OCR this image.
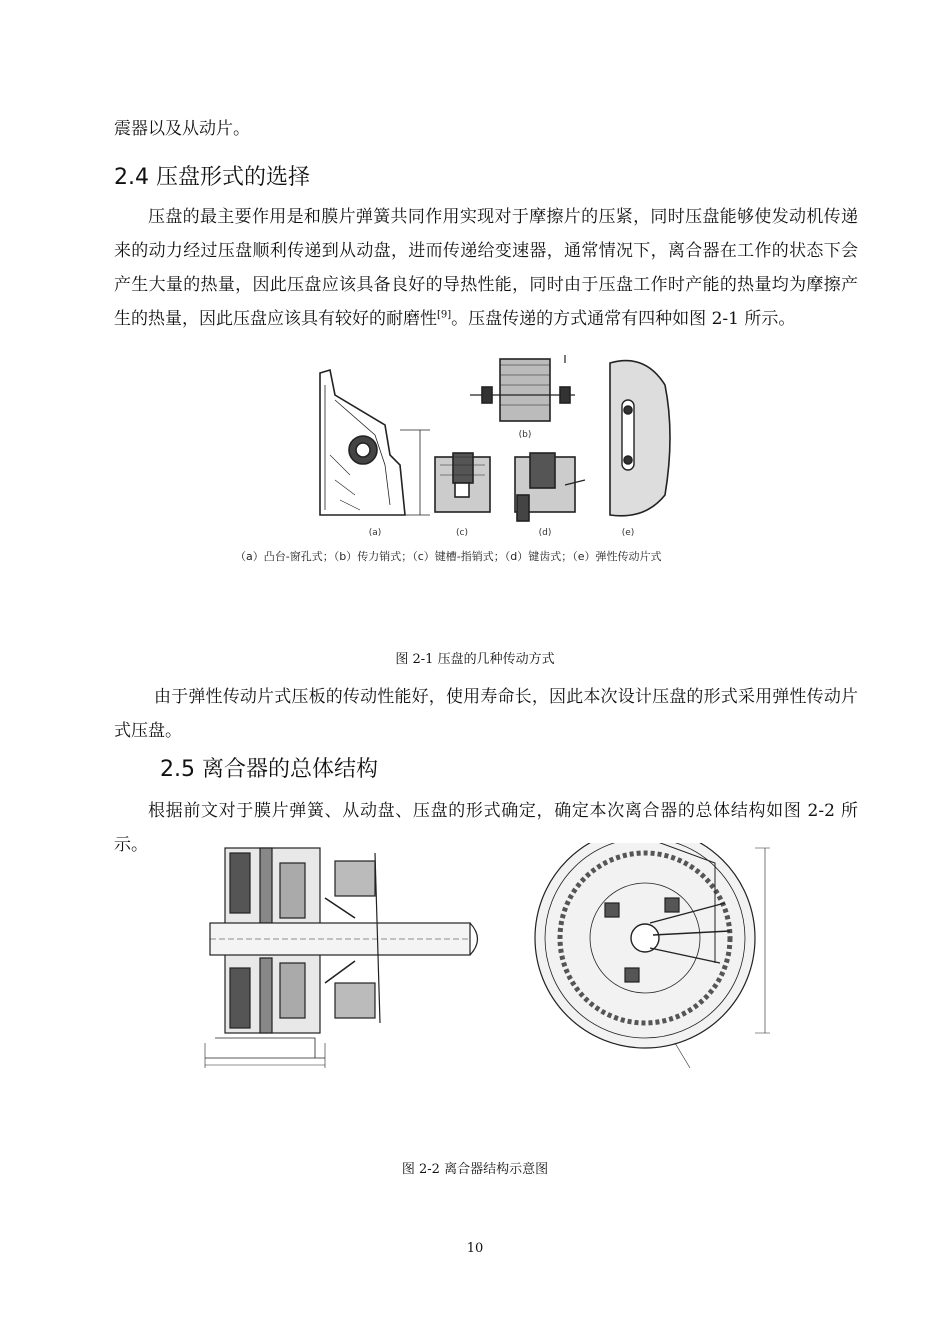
震器以及从动片。

2.4 压盘形式的选择

压盘的最主要作用是和膜片弹簧共同作用实现对于摩擦片的压紧，同时压盘能够使发动机传递来的动力经过压盘顺利传递到从动盘，进而传递给变速器，通常情况下，离合器在工作的状态下会产生大量的热量，因此压盘应该具备良好的导热性能，同时由于压盘工作时产能的热量均为摩擦产生的热量，因此压盘应该具有较好的耐磨性[9]。压盘传递的方式通常有四种如图 2-1 所示。

(a)
(b)
(c)	(d)	(e)
（a）凸台-窗孔式；（b）传力销式；（c）键槽-指销式；（d）键齿式；（e）弹性传动片式
图 2-1 压盘的几种传动方式

由于弹性传动片式压板的传动性能好，使用寿命长，因此本次设计压盘的形式采用弹性传动片式压盘。

2.5 离合器的总体结构

根据前文对于膜片弹簧、从动盘、压盘的形式确定，确定本次离合器的总体结构如图 2-2 所示。

图 2-2 离合器结构示意图
10
